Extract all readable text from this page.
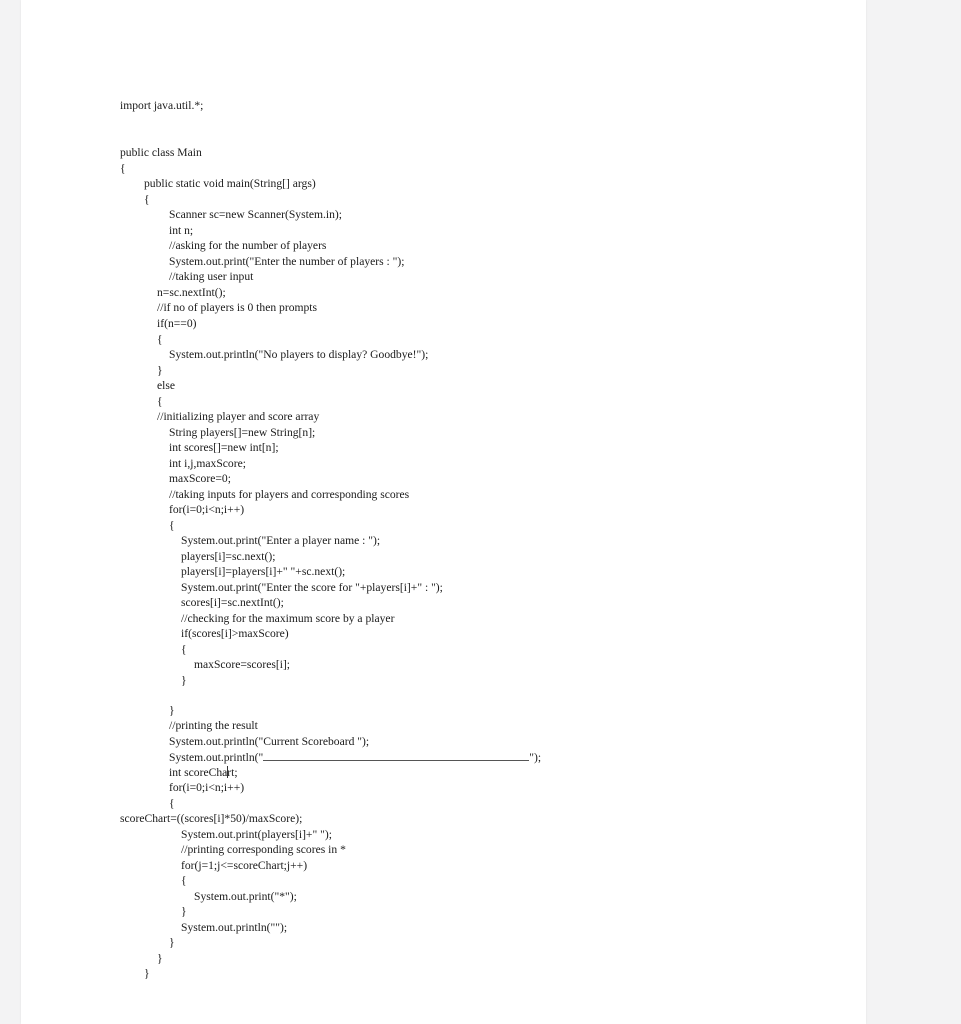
import java.util.*;
public class Main
{
public static void main(String[] args)
{
Scanner sc=new Scanner(System.in);
int n;
//asking for the number of players
System.out.print("Enter the number of players : ");
//taking user input
n=sc.nextInt();
//if no of players is 0 then prompts
if(n==0)
{
System.out.println("No players to display? Goodbye!");
}
else
{
//initializing player and score array
String players[]=new String[n];
int scores[]=new int[n];
int i,j,maxScore;
maxScore=0;
//taking inputs for players and corresponding scores
for(i=0;i<n;i++)
{
System.out.print("Enter a player name : ");
players[i]=sc.next();
players[i]=players[i]+" "+sc.next();
System.out.print("Enter the score for "+players[i]+" : ");
scores[i]=sc.nextInt();
//checking for the maximum score by a player
if(scores[i]>maxScore)
{
maxScore=scores[i];
}
}
//printing the result
System.out.println("Current Scoreboard ");
System.out.println("	");
int scoreChart;
for(i=0;i<n;i++)
{
scoreChart=((scores[i]*50)/maxScore);
System.out.print(players[i]+" ");
//printing corresponding scores in *
for(j=1;j<=scoreChart;j++)
{
System.out.print("*");
}
System.out.println("");
}
}
}
